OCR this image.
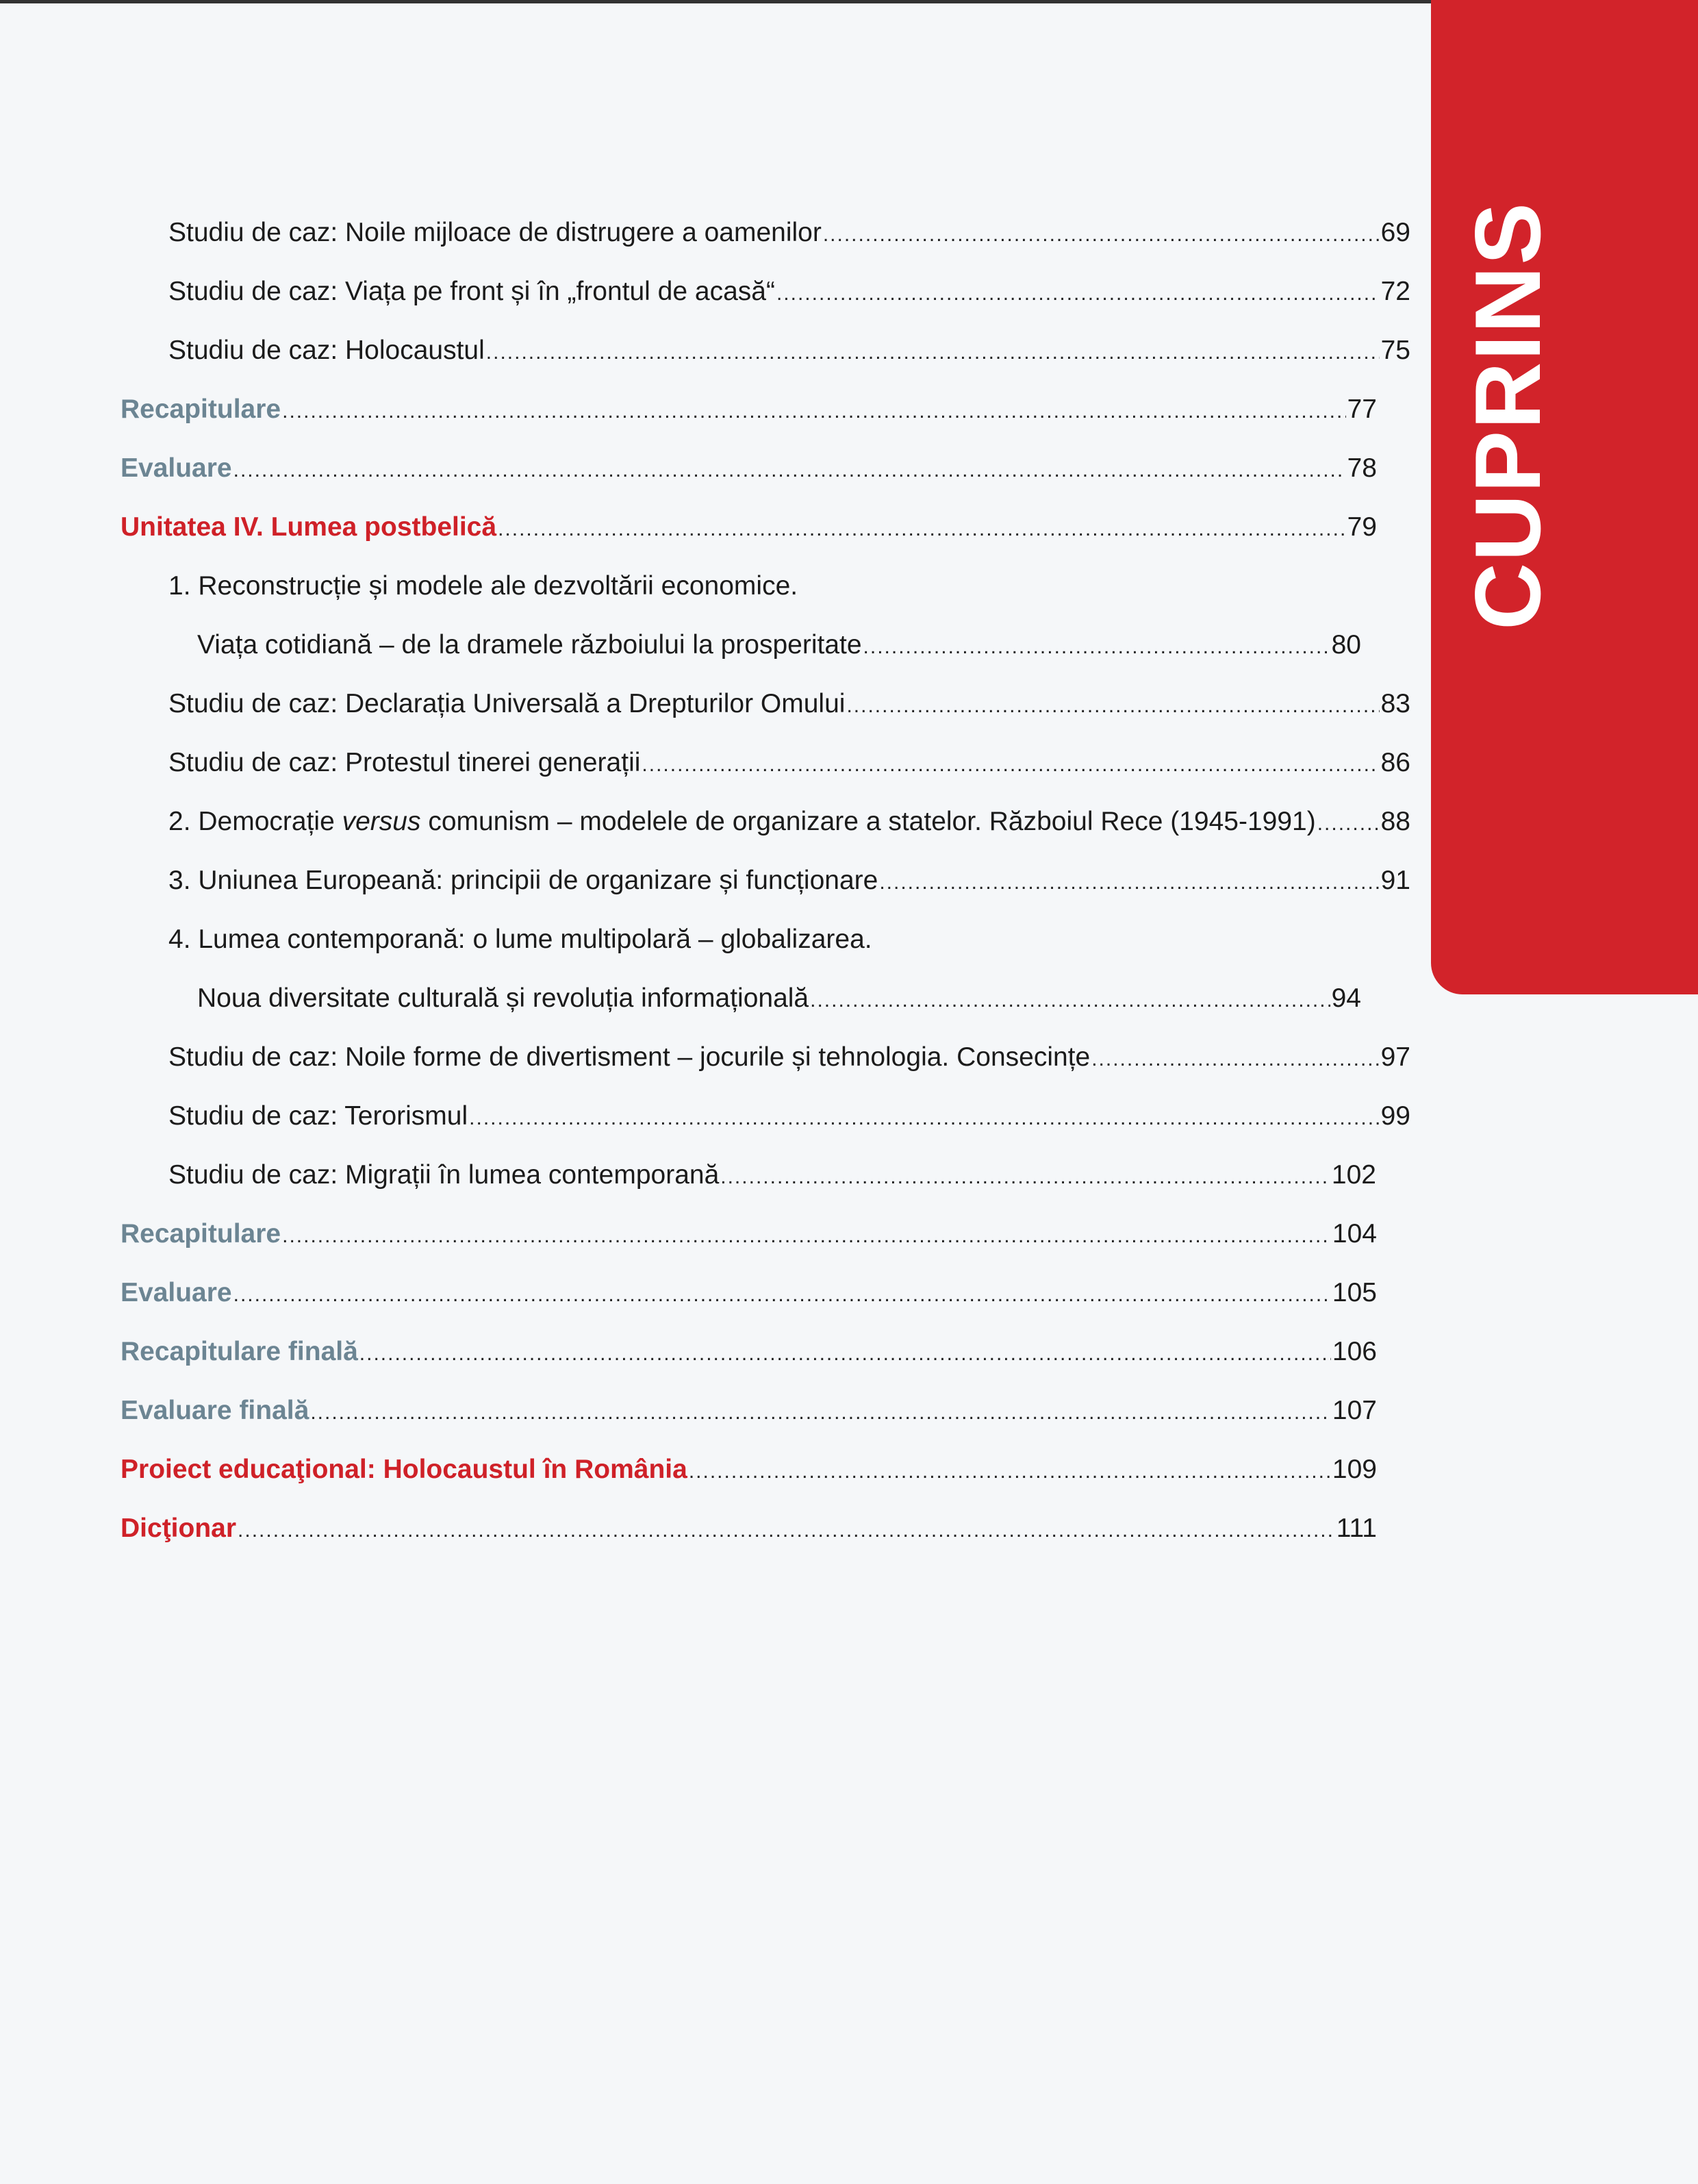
CUPRINS
Studiu de caz: Noile mijloace de distrugere a oamenilor .....	69
Studiu de caz: Viața pe front și în „frontul de acasă“ .....	72
Studiu de caz: Holocaustul .....	75
Recapitulare .....	77
Evaluare .....	78
Unitatea IV. Lumea postbelică .....	79
1. Reconstrucție și modele ale dezvoltării economice.
Viața cotidiană – de la dramele războiului la prosperitate .....	80
Studiu de caz: Declarația Universală a Drepturilor Omului .....	83
Studiu de caz: Protestul tinerei generații .....	86
2. Democrație versus comunism – modelele de organizare a statelor. Războiul Rece (1945-1991) ..... 88
3. Uniunea Europeană: principii de organizare și funcționare .....	91
4. Lumea contemporană: o lume multipolară – globalizarea.
Noua diversitate culturală și revoluția informațională .....	94
Studiu de caz: Noile forme de divertisment – jocurile și tehnologia. Consecințe .....	97
Studiu de caz: Terorismul .....	99
Studiu de caz: Migrații în lumea contemporană .....	102
Recapitulare .....	104
Evaluare .....	105
Recapitulare finală .....	106
Evaluare finală .....	107
Proiect educaţional: Holocaustul în România .....	109
Dicţionar .....	111
